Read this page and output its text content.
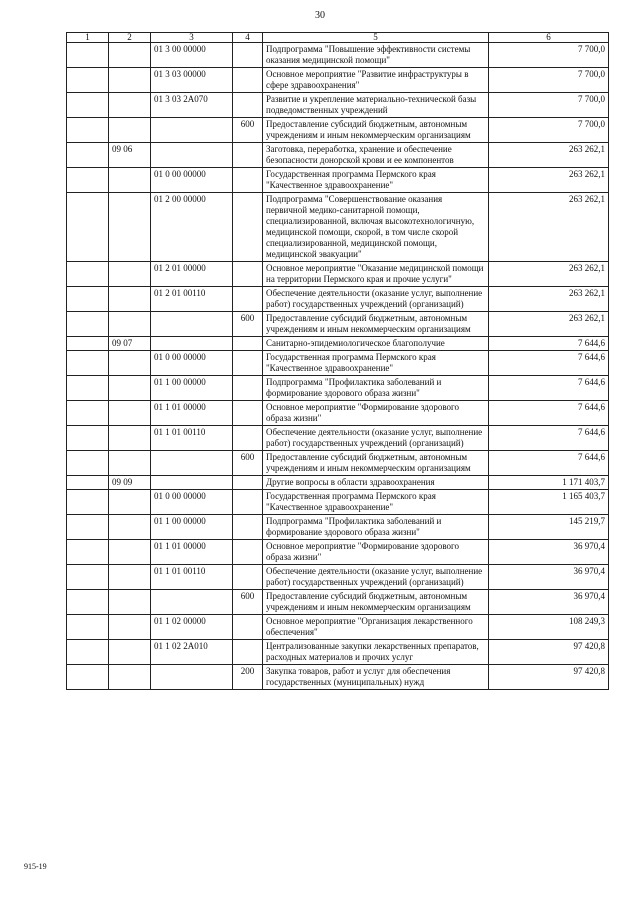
30
1	2	3	4	5	6
		01 3 00 00000		Подпрограмма "Повышение эффективности системы оказания медицинской помощи"	7 700,0
		01 3 03 00000		Основное мероприятие "Развитие инфраструктуры в сфере здравоохранения"	7 700,0
		01 3 03 2А070		Развитие и укрепление материально-технической базы подведомственных учреждений	7 700,0
			600	Предоставление субсидий бюджетным, автономным учреждениям и иным некоммерческим организациям	7 700,0
	09 06			Заготовка, переработка, хранение и обеспечение безопасности донорской крови и ее компонентов	263 262,1
		01 0 00 00000		Государственная программа Пермского края "Качественное здравоохранение"	263 262,1
		01 2 00 00000		Подпрограмма "Совершенствование оказания первичной медико-санитарной помощи, специализированной, включая высокотехнологичную, медицинской помощи, скорой, в том числе скорой специализированной, медицинской помощи, медицинской эвакуации"	263 262,1
		01 2 01 00000		Основное мероприятие "Оказание медицинской помощи на территории Пермского края и прочие услуги"	263 262,1
		01 2 01 00110		Обеспечение деятельности (оказание услуг, выполнение работ) государственных учреждений (организаций)	263 262,1
			600	Предоставление субсидий бюджетным, автономным учреждениям и иным некоммерческим организациям	263 262,1
	09 07			Санитарно-эпидемиологическое благополучие	7 644,6
		01 0 00 00000		Государственная программа Пермского края "Качественное здравоохранение"	7 644,6
		01 1 00 00000		Подпрограмма "Профилактика заболеваний и формирование здорового образа жизни"	7 644,6
		01 1 01 00000		Основное мероприятие "Формирование здорового образа жизни"	7 644,6
		01 1 01 00110		Обеспечение деятельности (оказание услуг, выполнение работ) государственных учреждений (организаций)	7 644,6
			600	Предоставление субсидий бюджетным, автономным учреждениям и иным некоммерческим организациям	7 644,6
	09 09			Другие вопросы в области здравоохранения	1 171 403,7
		01 0 00 00000		Государственная программа Пермского края "Качественное здравоохранение"	1 165 403,7
		01 1 00 00000		Подпрограмма "Профилактика заболеваний и формирование здорового образа жизни"	145 219,7
		01 1 01 00000		Основное мероприятие "Формирование здорового образа жизни"	36 970,4
		01 1 01 00110		Обеспечение деятельности (оказание услуг, выполнение работ) государственных учреждений (организаций)	36 970,4
			600	Предоставление субсидий бюджетным, автономным учреждениям и иным некоммерческим организациям	36 970,4
		01 1 02 00000		Основное мероприятие "Организация лекарственного обеспечения"	108 249,3
		01 1 02 2А010		Централизованные закупки лекарственных препаратов, расходных материалов и прочих услуг	97 420,8
			200	Закупка товаров, работ и услуг для обеспечения государственных (муниципальных) нужд	97 420,8
915-19
